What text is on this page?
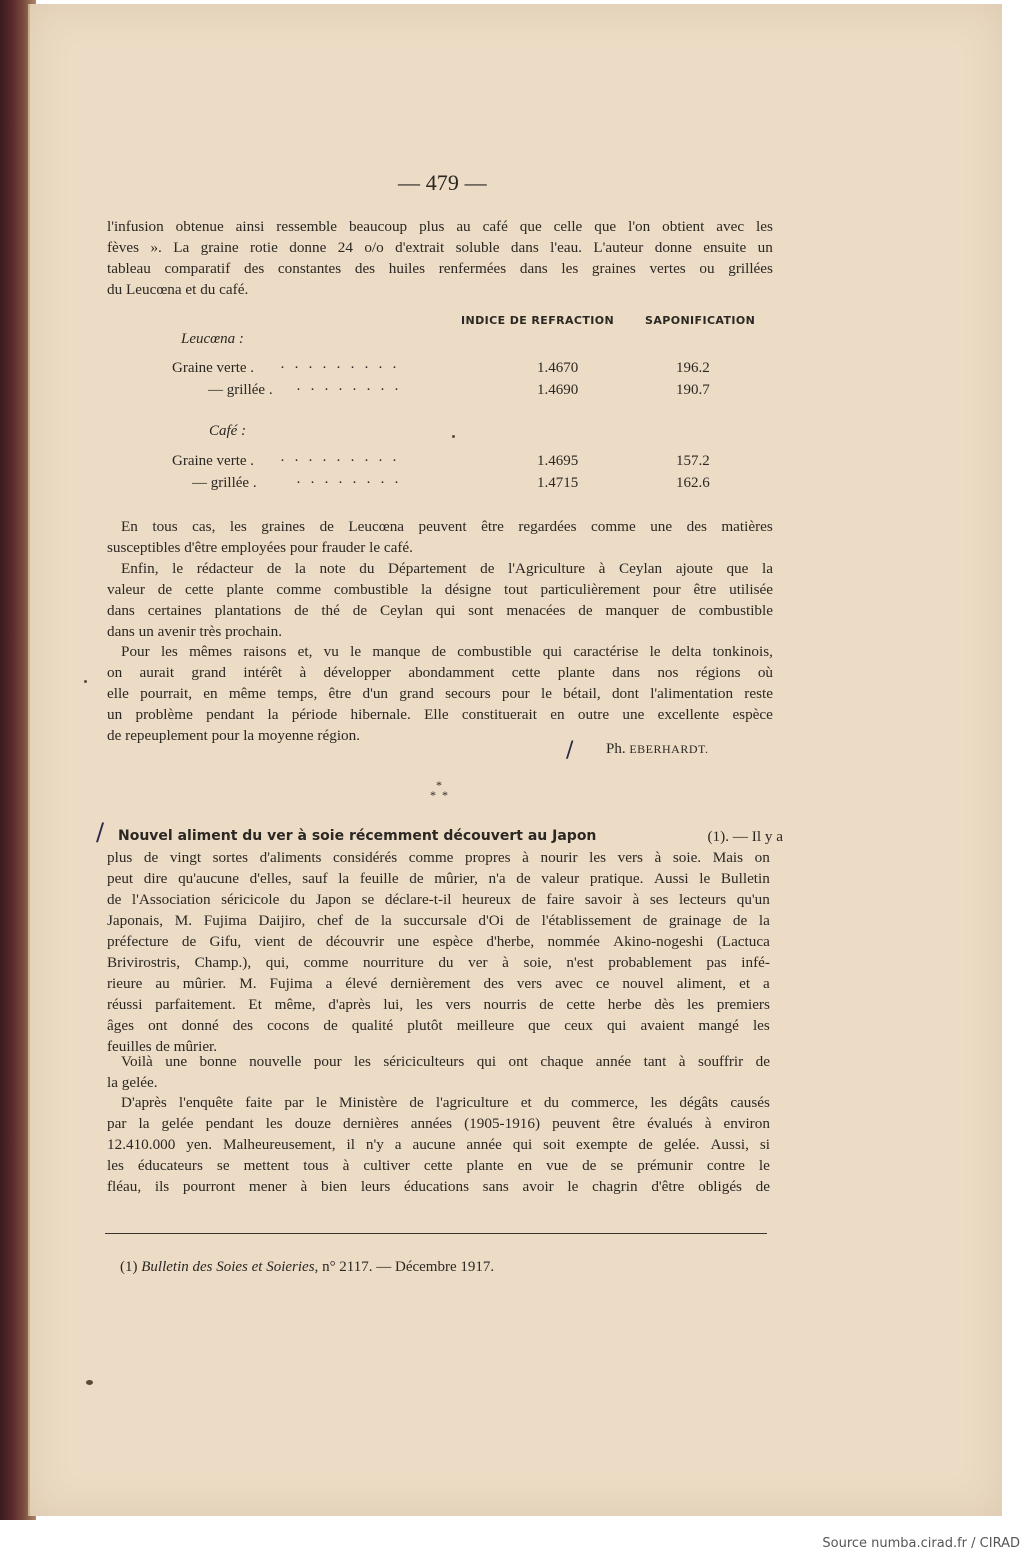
— 479 —
l'infusion obtenue ainsi ressemble beaucoup plus au café que celle que l'on obtient avec les
fèves ». La graine rotie donne 24 o/o d'extrait soluble dans l'eau. L'auteur donne ensuite un
tableau comparatif des constantes des huiles renfermées dans les graines vertes ou grillées
du Leucœna et du café.
INDICE DE REFRACTION	SAPONIFICATION
Leucœna :
Graine verte . ·········	1.4670	196.2
— grillée . ········	1.4690	190.7
Café :
Graine verte . ·········	1.4695	157.2
— grillée .	········	1.4715	162.6
En tous cas, les graines de Leucœna peuvent être regardées comme une des matières
susceptibles d'être employées pour frauder le café.
Enfin, le rédacteur de la note du Département de l'Agriculture à Ceylan ajoute que la
valeur de cette plante comme combustible la désigne tout particulièrement pour être utilisée
dans certaines plantations de thé de Ceylan qui sont menacées de manquer de combustible
dans un avenir très prochain.
Pour les mêmes raisons et, vu le manque de combustible qui caractérise le delta tonkinois,
on aurait grand intérêt à développer abondamment cette plante dans nos régions où
elle pourrait, en même temps, être d'un grand secours pour le bétail, dont l'alimentation reste
un problème pendant la période hibernale. Elle constituerait en outre une excellente espèce
de repeuplement pour la moyenne région.
/ Ph. EBERHARDT.
*
* *
/ Nouvel aliment du ver à soie récemment découvert au Japon	(1). — Il y a
plus de vingt sortes d'aliments considérés comme propres à nourir les vers à soie. Mais on
peut dire qu'aucune d'elles, sauf la feuille de mûrier, n'a de valeur pratique. Aussi le Bulletin
de l'Association séricicole du Japon se déclare-t-il heureux de faire savoir à ses lecteurs qu'un
Japonais, M. Fujima Daijiro, chef de la succursale d'Oi de l'établissement de grainage de la
préfecture de Gifu, vient de découvrir une espèce d'herbe, nommée Akino-nogeshi (Lactuca
Brivirostris, Champ.), qui, comme nourriture du ver à soie, n'est probablement pas infé-
rieure au mûrier. M. Fujima a élevé dernièrement des vers avec ce nouvel aliment, et a
réussi parfaitement. Et même, d'après lui, les vers nourris de cette herbe dès les premiers
âges ont donné des cocons de qualité plutôt meilleure que ceux qui avaient mangé les
feuilles de mûrier.
Voilà une bonne nouvelle pour les sériciculteurs qui ont chaque année tant à souffrir de
la gelée.
D'après l'enquête faite par le Ministère de l'agriculture et du commerce, les dégâts causés
par la gelée pendant les douze dernières années (1905-1916) peuvent être évalués à environ
12.410.000 yen. Malheureusement, il n'y a aucune année qui soit exempte de gelée. Aussi, si
les éducateurs se mettent tous à cultiver cette plante en vue de se prémunir contre le
fléau, ils pourront mener à bien leurs éducations sans avoir le chagrin d'être obligés de
(1) Bulletin des Soies et Soieries, n° 2117. — Décembre 1917.
Source numba.cirad.fr / CIRAD
